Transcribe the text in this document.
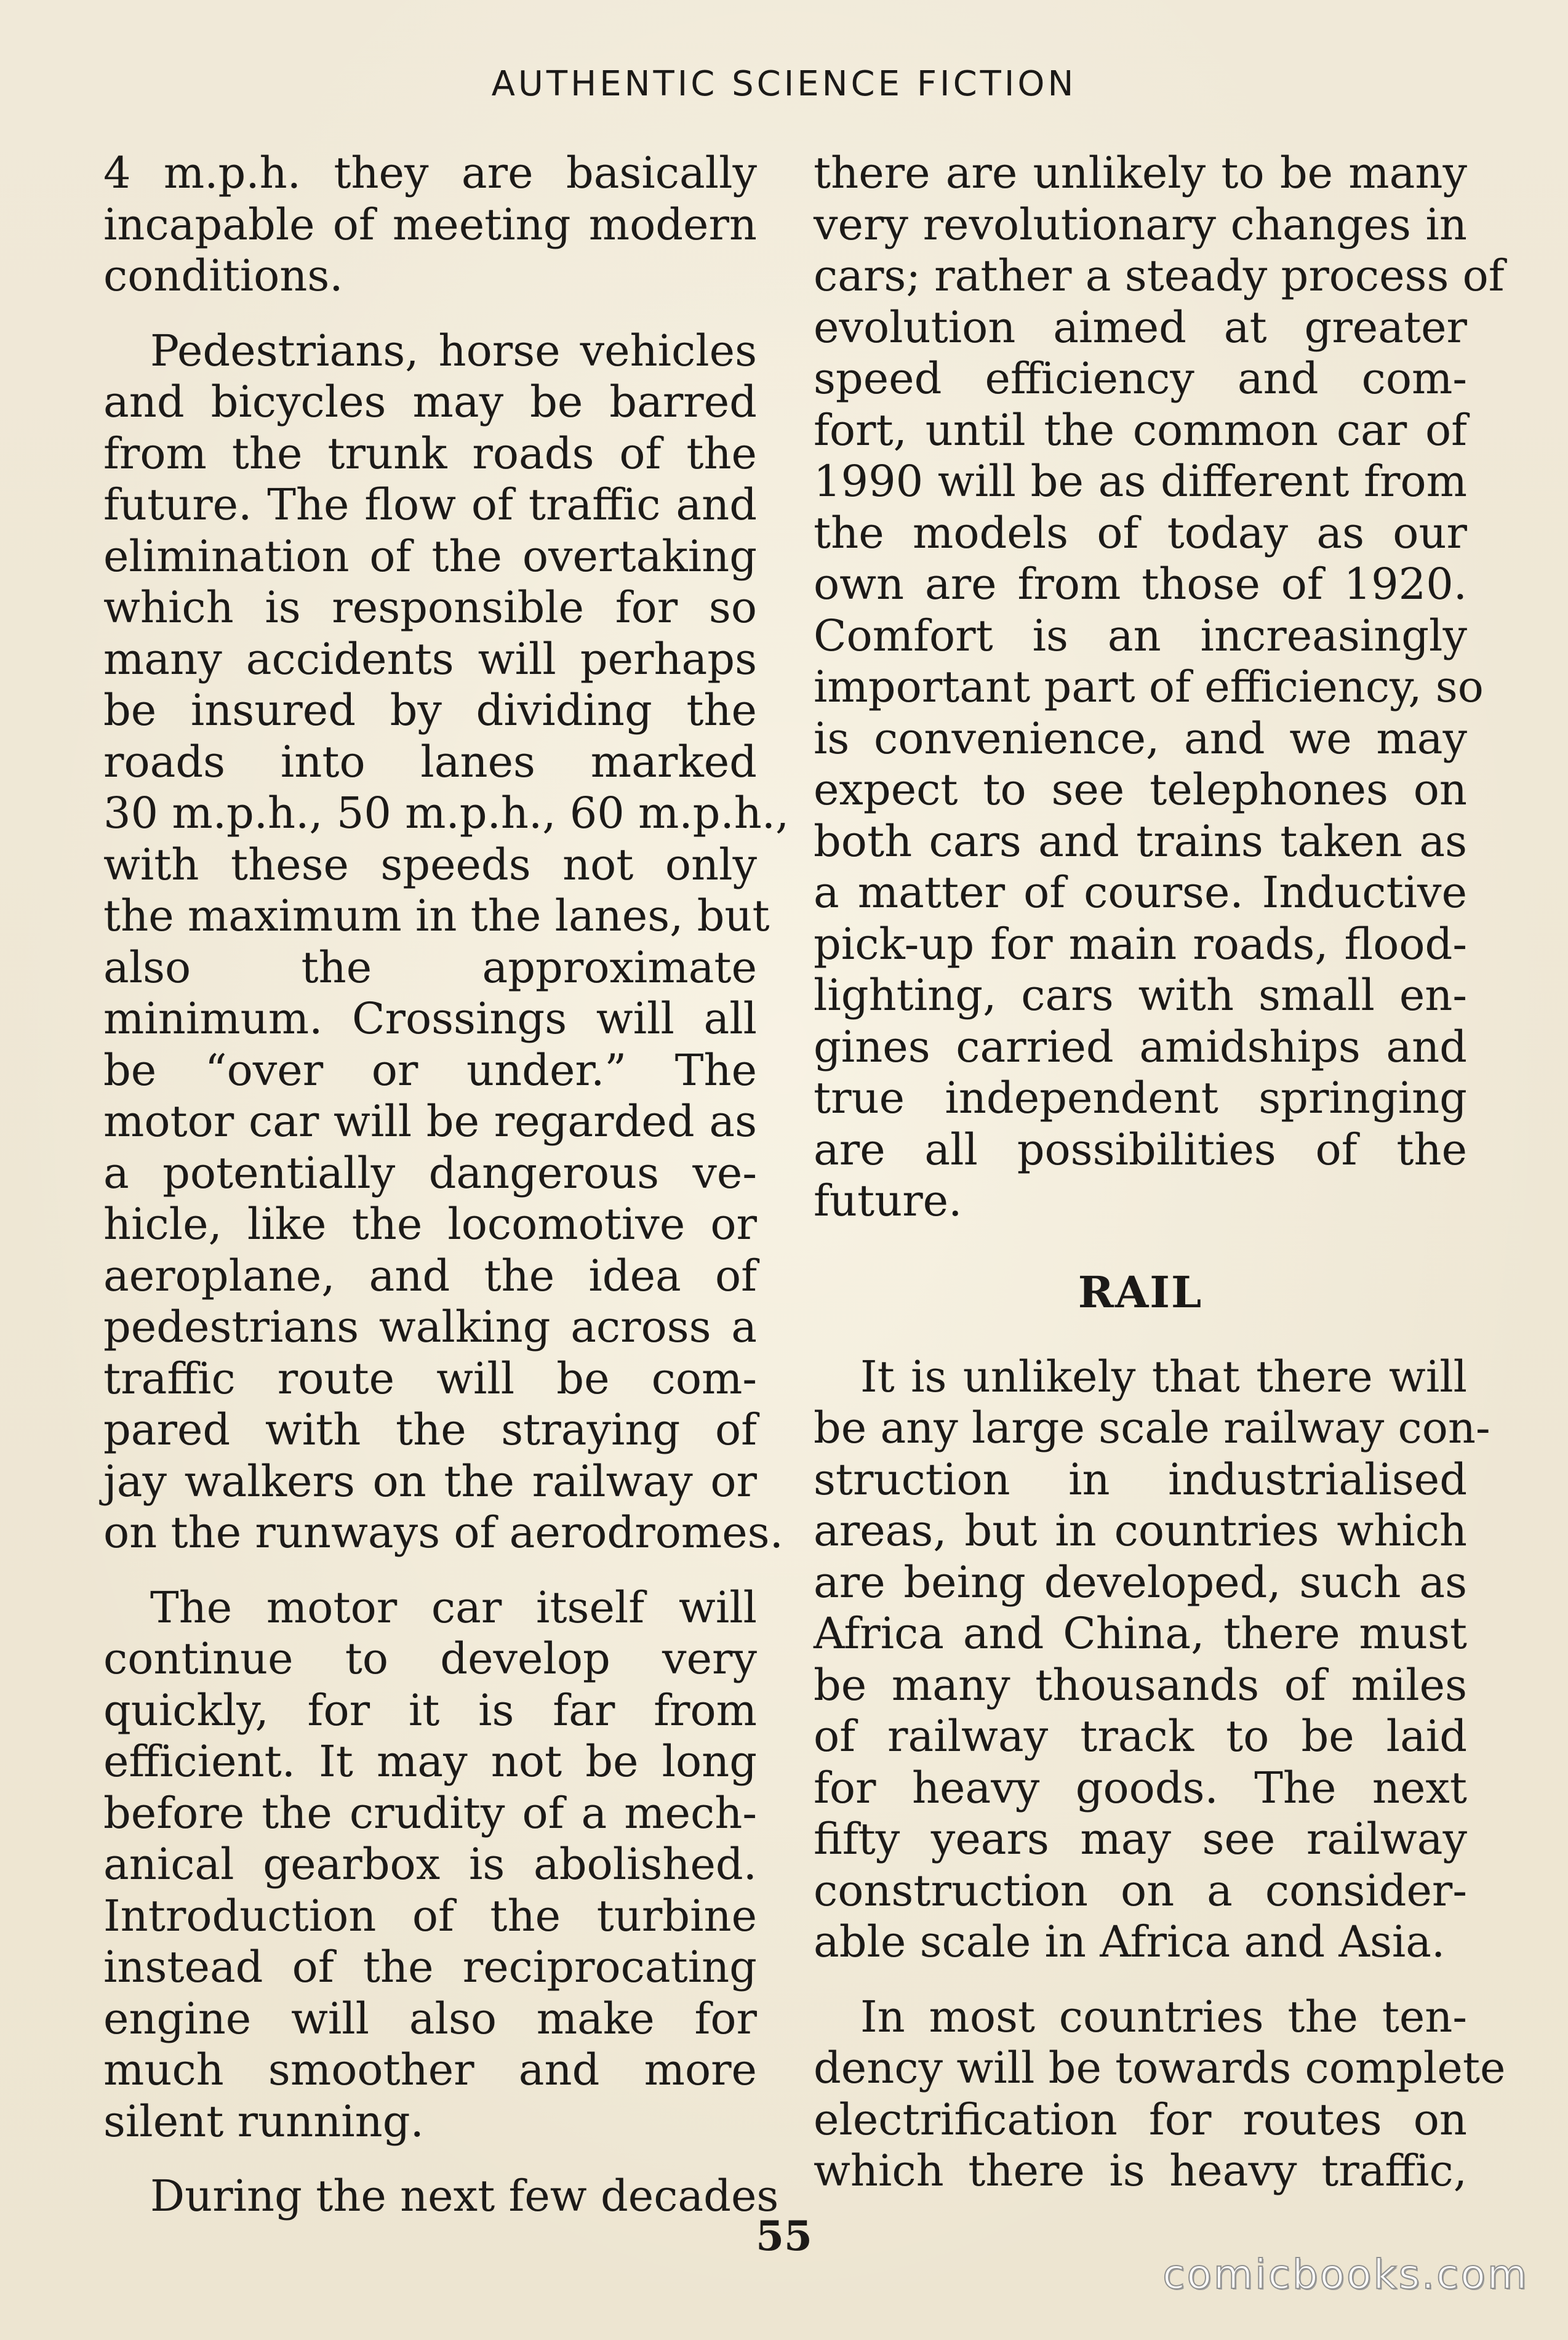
AUTHENTIC SCIENCE FICTION
4 m.p.h. they are basically
incapable of meeting modern
conditions.
Pedestrians, horse vehicles
and bicycles may be barred
from the trunk roads of the
future. The flow of traffic and
elimination of the overtaking
which is responsible for so
many accidents will perhaps
be insured by dividing the
roads into lanes marked
30 m.p.h., 50 m.p.h., 60 m.p.h.,
with these speeds not only
the maximum in the lanes, but
also the approximate
minimum. Crossings will all
be “over or under.” The
motor car will be regarded as
a potentially dangerous ve-
hicle, like the locomotive or
aeroplane, and the idea of
pedestrians walking across a
traffic route will be com-
pared with the straying of
jay walkers on the railway or
on the runways of aerodromes.
The motor car itself will
continue to develop very
quickly, for it is far from
efficient. It may not be long
before the crudity of a mech-
anical gearbox is abolished.
Introduction of the turbine
instead of the reciprocating
engine will also make for
much smoother and more
silent running.
During the next few decades
there are unlikely to be many
very revolutionary changes in
cars; rather a steady process of
evolution aimed at greater
speed efficiency and com-
fort, until the common car of
1990 will be as different from
the models of today as our
own are from those of 1920.
Comfort is an increasingly
important part of efficiency, so
is convenience, and we may
expect to see telephones on
both cars and trains taken as
a matter of course. Inductive
pick-up for main roads, flood-
lighting, cars with small en-
gines carried amidships and
true independent springing
are all possibilities of the
future.
RAIL
It is unlikely that there will
be any large scale railway con-
struction in industrialised
areas, but in countries which
are being developed, such as
Africa and China, there must
be many thousands of miles
of railway track to be laid
for heavy goods. The next
fifty years may see railway
construction on a consider-
able scale in Africa and Asia.
In most countries the ten-
dency will be towards complete
electrification for routes on
which there is heavy traffic,
55
comicbooks.com
